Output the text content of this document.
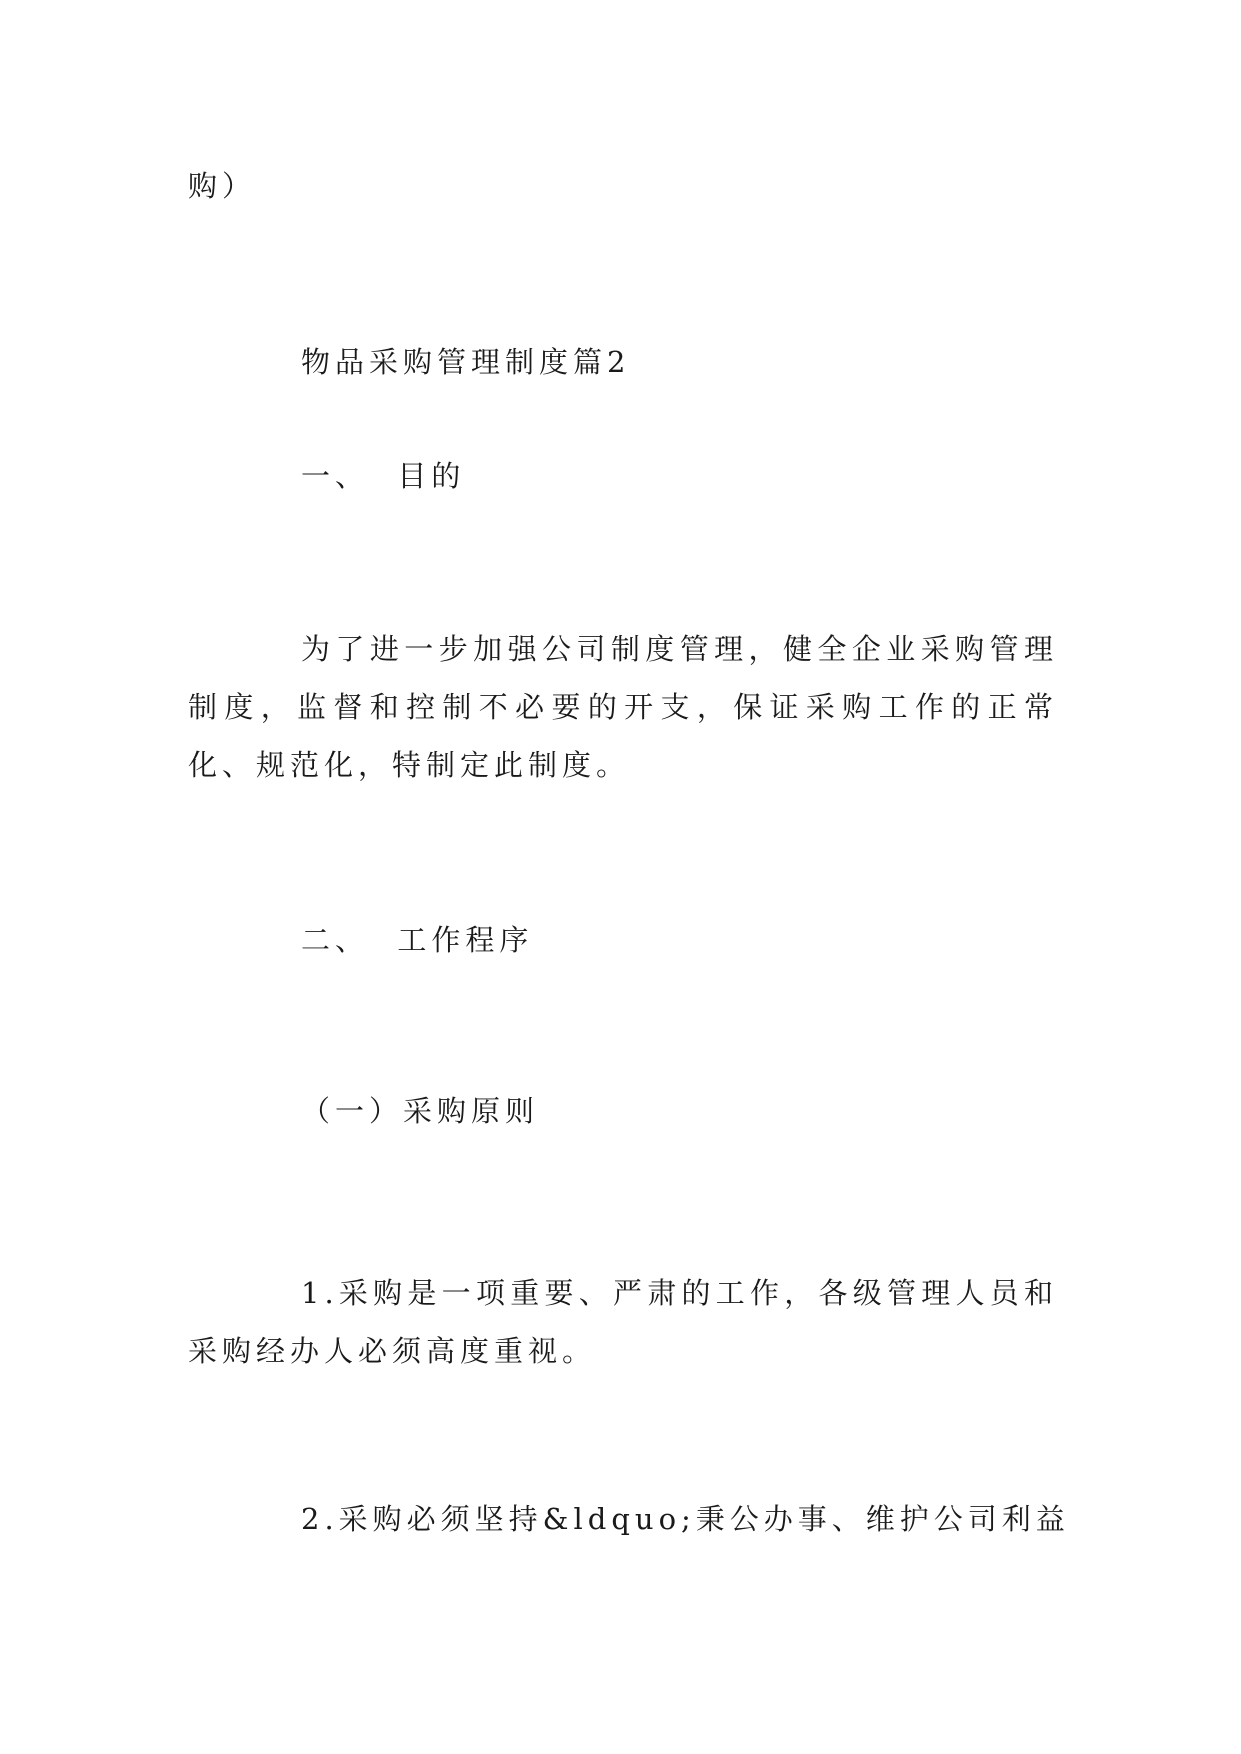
购）
物品采购管理制度篇2
一、  目的
为了进一步加强公司制度管理，健全企业采购管理制度，监督和控制不必要的开支，保证采购工作的正常化、规范化，特制定此制度。
二、  工作程序
（一）采购原则
1.采购是一项重要、严肃的工作，各级管理人员和采购经办人必须高度重视。
2.采购必须坚持&ldquo;秉公办事、维护公司利益
